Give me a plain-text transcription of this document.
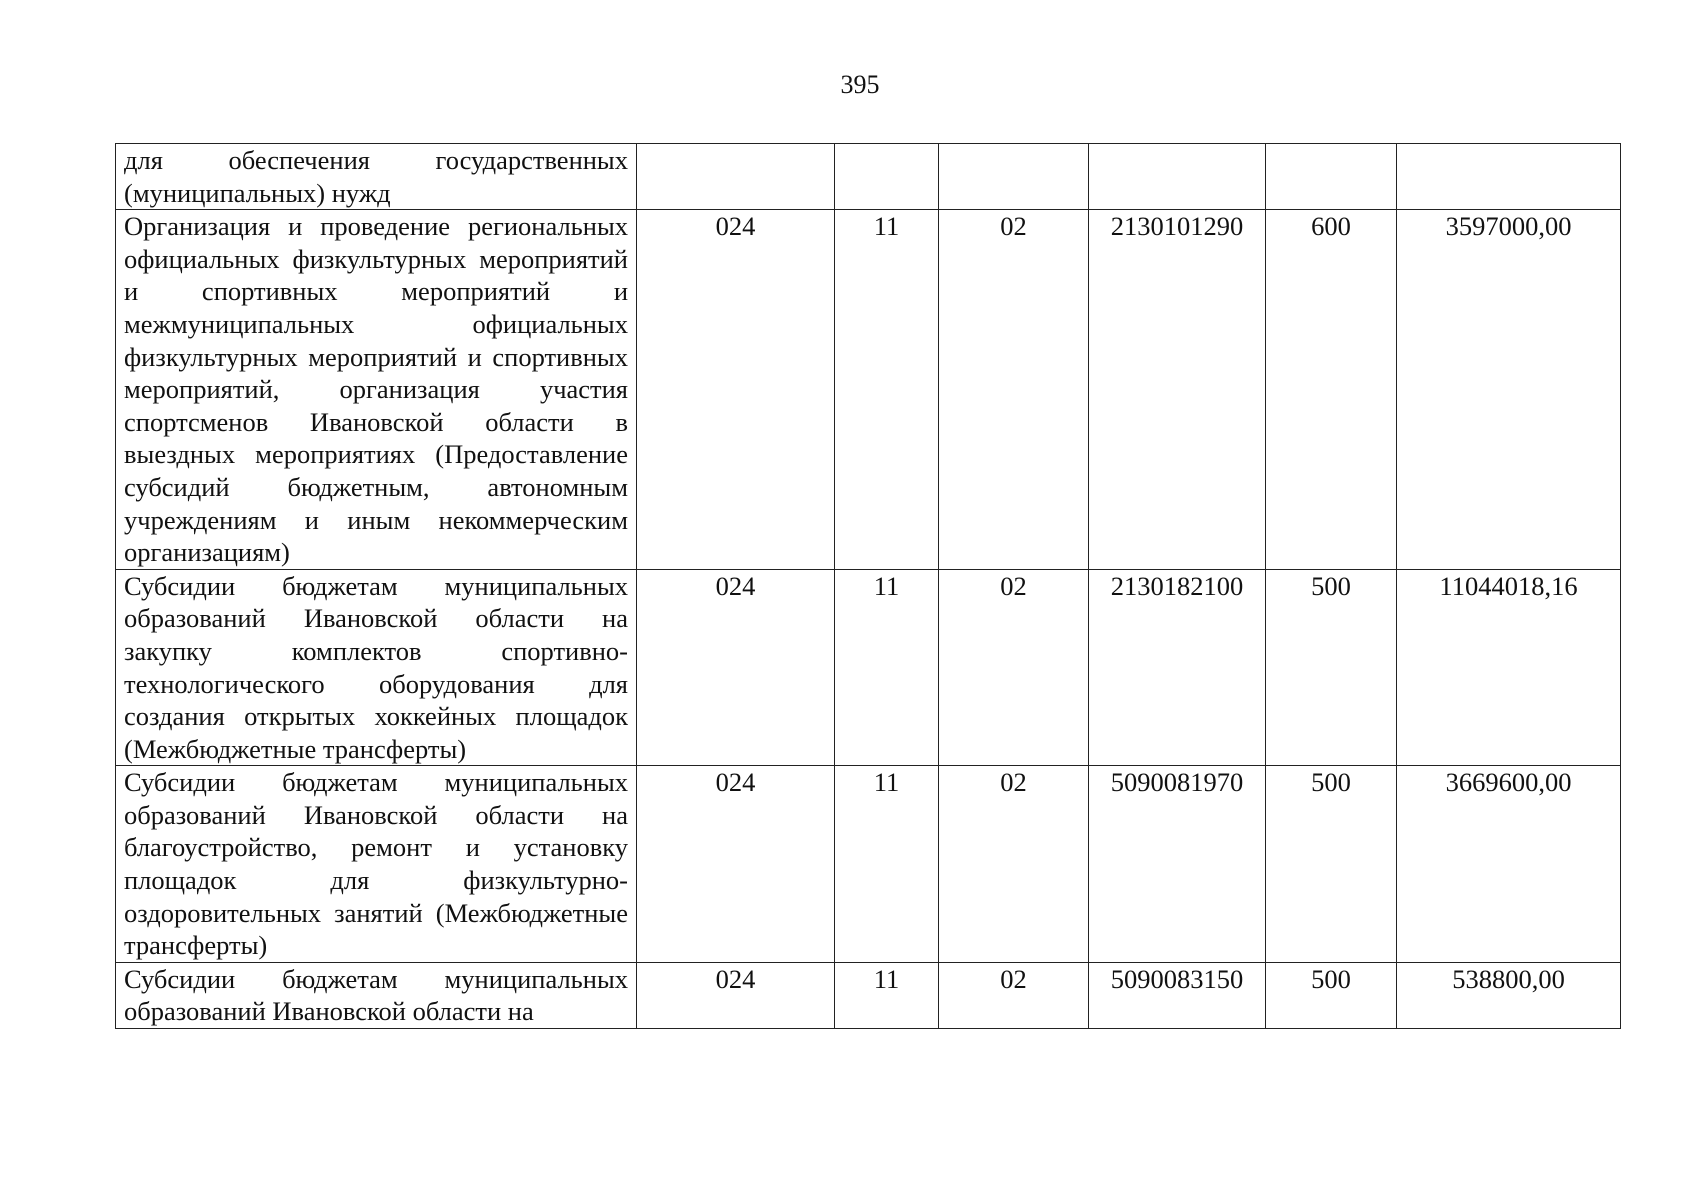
395
для обеспечения государственных (муниципальных) нужд						

Организация и проведение региональных официальных физкультурных мероприятий и спортивных мероприятий и межмуниципальных официальных физкультурных мероприятий и спортивных мероприятий, организация участия спортсменов Ивановской области в выездных мероприятиях (Предоставление субсидий бюджетным, автономным учреждениям и иным некоммерческим организациям)	024	11	02	2130101290	600	3597000,00

Субсидии бюджетам муниципальных образований Ивановской области на закупку комплектов спортивно-технологического оборудования для создания открытых хоккейных площадок (Межбюджетные трансферты)	024	11	02	2130182100	500	11044018,16

Субсидии бюджетам муниципальных образований Ивановской области на благоустройство, ремонт и установку площадок для физкультурно-оздоровительных занятий (Межбюджетные трансферты)	024	11	02	5090081970	500	3669600,00

Субсидии бюджетам муниципальных образований Ивановской области на	024	11	02	5090083150	500	538800,00
